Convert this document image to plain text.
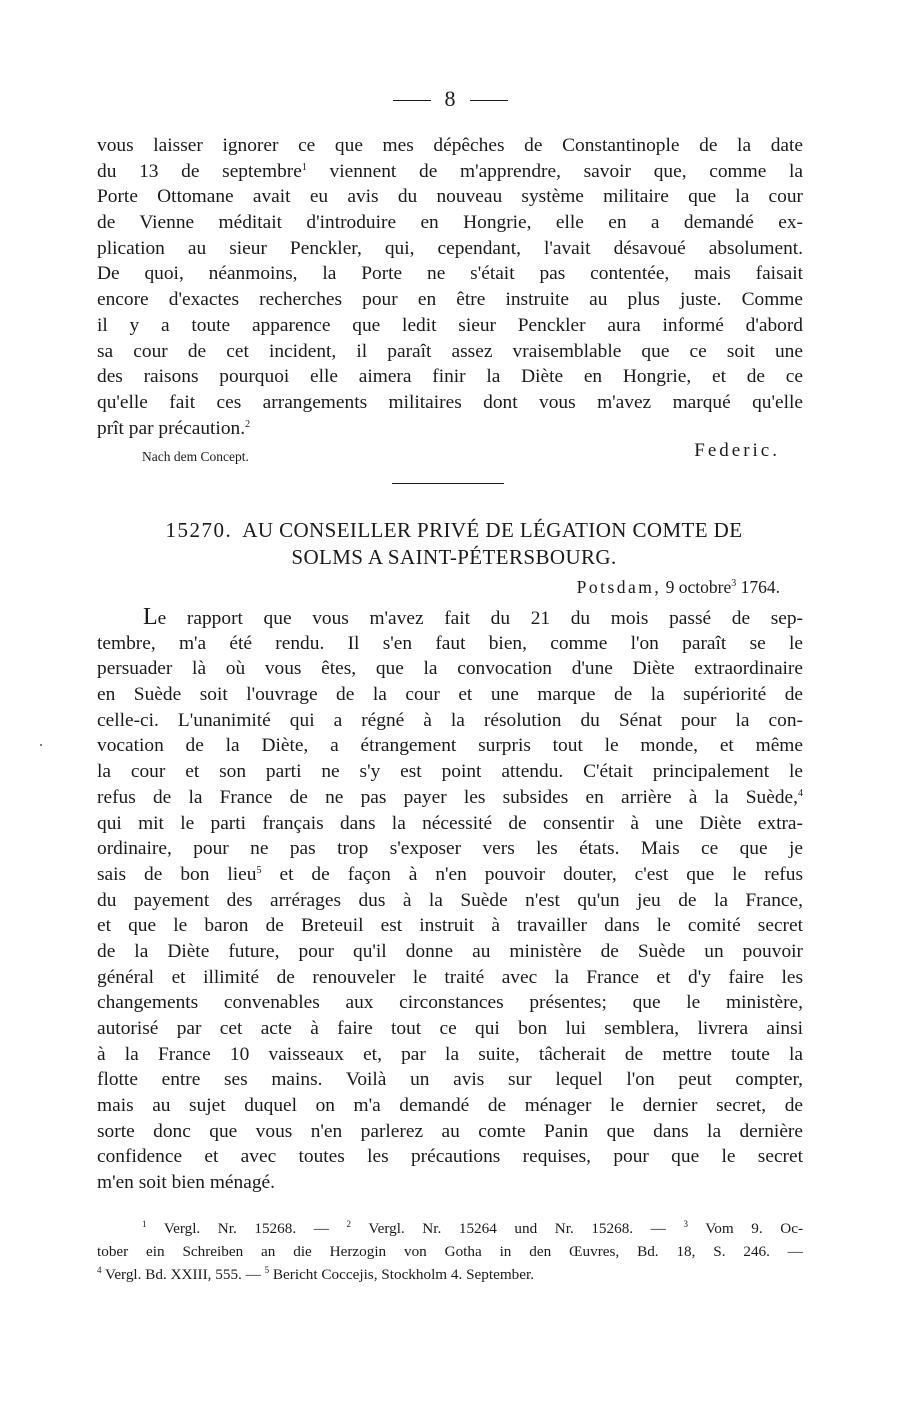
8
vous laisser ignorer ce que mes dépêches de Constantinople de la date
du 13 de septembre$^1$ viennent de m'apprendre, savoir que, comme la
Porte Ottomane avait eu avis du nouveau système militaire que la cour
de Vienne méditait d'introduire en Hongrie, elle en a demandé ex-
plication au sieur Penckler, qui, cependant, l'avait désavoué absolument.
De quoi, néanmoins, la Porte ne s'était pas contentée, mais faisait
encore d'exactes recherches pour en être instruite au plus juste. Comme
il y a toute apparence que ledit sieur Penckler aura informé d'abord
sa cour de cet incident, il paraît assez vraisemblable que ce soit une
des raisons pourquoi elle aimera finir la Diète en Hongrie, et de ce
qu'elle fait ces arrangements militaires dont vous m'avez marqué qu'elle
prît par précaution.$^2$
Nach dem Concept.	Federic.
15270. AU CONSEILLER PRIVÉ DE LÉGATION COMTE DE
SOLMS A SAINT-PÉTERSBOURG.
Potsdam, 9 octobre$^3$ 1764.
Le rapport que vous m'avez fait du 21 du mois passé de sep-
tembre, m'a été rendu. Il s'en faut bien, comme l'on paraît se le
persuader là où vous êtes, que la convocation d'une Diète extraordinaire
en Suède soit l'ouvrage de la cour et une marque de la supériorité de
celle-ci. L'unanimité qui a régné à la résolution du Sénat pour la con-
vocation de la Diète, a étrangement surpris tout le monde, et même
la cour et son parti ne s'y est point attendu. C'était principalement le
refus de la France de ne pas payer les subsides en arrière à la Suède,$^4$
qui mit le parti français dans la nécessité de consentir à une Diète extra-
ordinaire, pour ne pas trop s'exposer vers les états. Mais ce que je
sais de bon lieu$^5$ et de façon à n'en pouvoir douter, c'est que le refus
du payement des arrérages dus à la Suède n'est qu'un jeu de la France,
et que le baron de Breteuil est instruit à travailler dans le comité secret
de la Diète future, pour qu'il donne au ministère de Suède un pouvoir
général et illimité de renouveler le traité avec la France et d'y faire les
changements convenables aux circonstances présentes; que le ministère,
autorisé par cet acte à faire tout ce qui bon lui semblera, livrera ainsi
à la France 10 vaisseaux et, par la suite, tâcherait de mettre toute la
flotte entre ses mains. Voilà un avis sur lequel l'on peut compter,
mais au sujet duquel on m'a demandé de ménager le dernier secret, de
sorte donc que vous n'en parlerez au comte Panin que dans la dernière
confidence et avec toutes les précautions requises, pour que le secret
m'en soit bien ménagé.
$^1$ Vergl. Nr. 15268. — $^2$ Vergl. Nr. 15264 und Nr. 15268. — $^3$ Vom 9. Oc-
tober ein Schreiben an die Herzogin von Gotha in den Œuvres, Bd. 18, S. 246. —
$^4$ Vergl. Bd. XXIII, 555. — $^5$ Bericht Coccejis, Stockholm 4. September.
